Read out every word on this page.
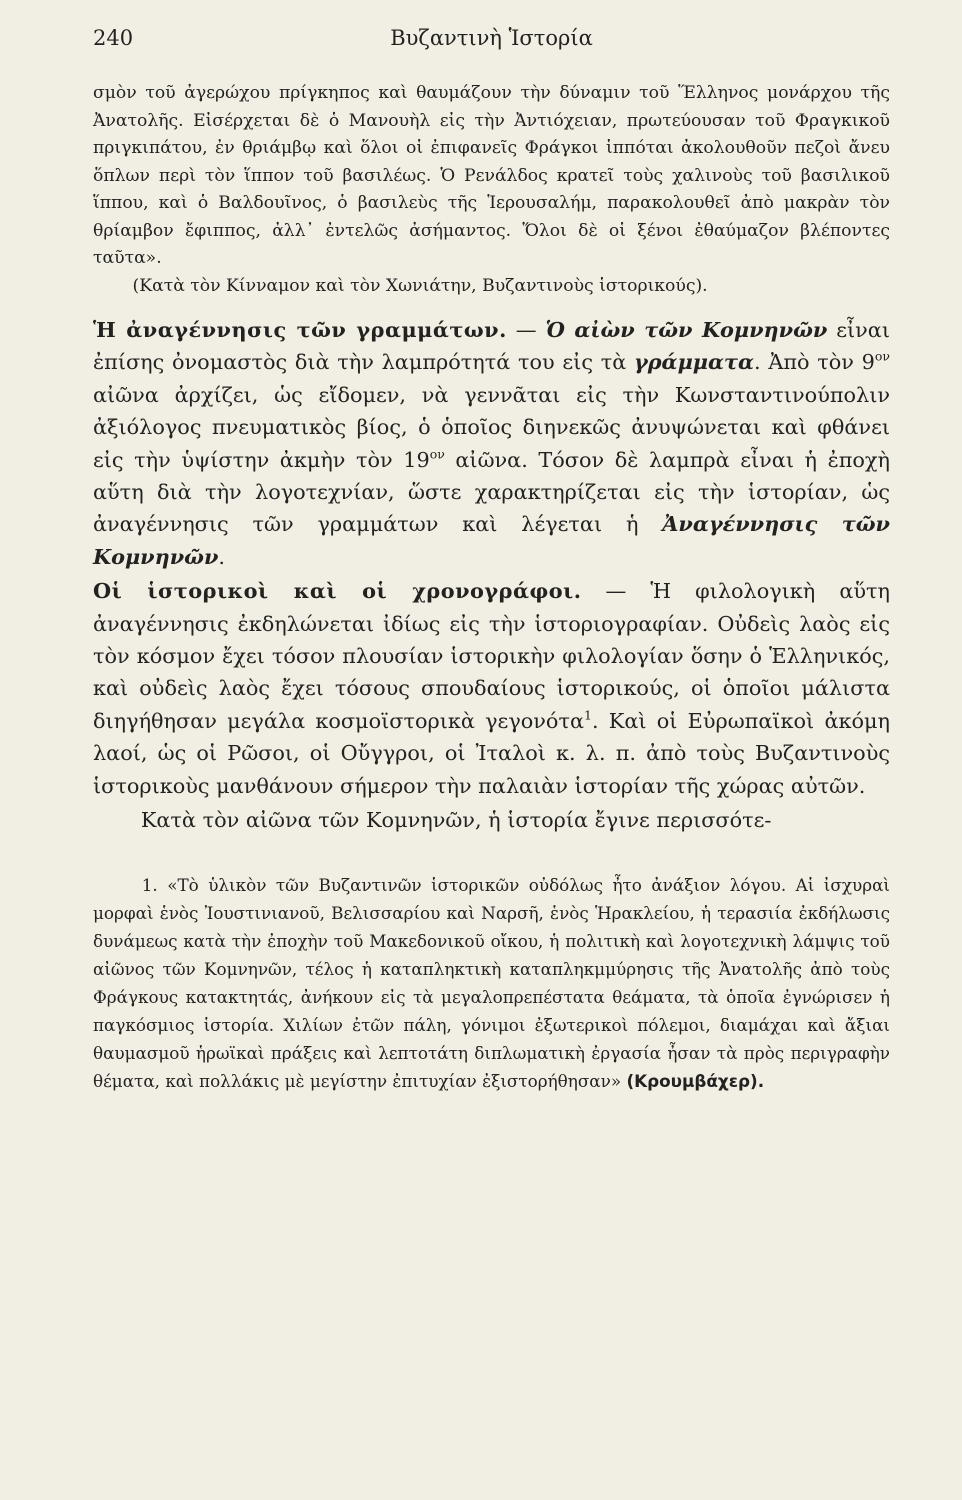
240	Βυζαντινὴ Ἱστορία

σμὸν τοῦ ἀγερώχου πρίγκηπος καὶ θαυμάζουν τὴν δύναμιν τοῦ Ἕλληνος μονάρχου τῆς Ἀνατολῆς. Εἰσέρχεται δὲ ὁ Μανουὴλ εἰς τὴν Ἀντιόχειαν, πρωτεύουσαν τοῦ Φραγκικοῦ πριγκιπάτου, ἐν θριάμβῳ καὶ ὅλοι οἱ ἐπιφανεῖς Φράγκοι ἱππόται ἀκολουθοῦν πεζοὶ ἄνευ ὅπλων περὶ τὸν ἵππον τοῦ βασιλέως. Ὁ Ρενάλδος κρατεῖ τοὺς χαλινοὺς τοῦ βασιλικοῦ ἵππου, καὶ ὁ Βαλδουῖνος, ὁ βασιλεὺς τῆς Ἱερουσαλήμ, παρακολουθεῖ ἀπὸ μακρὰν τὸν θρίαμβον ἔφιππος, ἀλλ᾽ ἐντελῶς ἀσήμαντος. Ὅλοι δὲ οἱ ξένοι ἐθαύμαζον βλέποντες ταῦτα».

(Κατὰ τὸν Κίνναμον καὶ τὸν Χωνιάτην, Βυζαντινοὺς ἱστορικούς).

Ἡ ἀναγέννησις τῶν γραμμάτων. — Ὁ αἰὼν τῶν Κομνηνῶν εἶναι ἐπίσης ὀνομαστὸς διὰ τὴν λαμπρότητά του εἰς τὰ γράμματα. Ἀπὸ τὸν $9^{o\nu}$ αἰῶνα ἀρχίζει, ὡς εἴδομεν, νὰ γεννᾶται εἰς τὴν Κωνσταντινούπολιν ἀξιόλογος πνευματικὸς βίος, ὁ ὁποῖος διηνεκῶς ἀνυψώνεται καὶ φθάνει εἰς τὴν ὑψίστην ἀκμὴν τὸν $19^{o\nu}$ αἰῶνα. Τόσον δὲ λαμπρὰ εἶναι ἡ ἐποχὴ αὕτη διὰ τὴν λογοτεχνίαν, ὥστε χαρακτηρίζεται εἰς τὴν ἱστορίαν, ὡς ἀναγέννησις τῶν γραμμάτων καὶ λέγεται ἡ Ἀναγέννησις τῶν Κομνηνῶν.

Οἱ ἱστορικοὶ καὶ οἱ χρονογράφοι. — Ἡ φιλολογικὴ αὕτη ἀναγέννησις ἐκδηλώνεται ἰδίως εἰς τὴν ἱστοριογραφίαν. Οὐδεὶς λαὸς εἰς τὸν κόσμον ἔχει τόσον πλουσίαν ἱστορικὴν φιλολογίαν ὅσην ὁ Ἑλληνικός, καὶ οὐδεὶς λαὸς ἔχει τόσους σπουδαίους ἱστορικούς, οἱ ὁποῖοι μάλιστα διηγήθησαν μεγάλα κοσμοϊστορικὰ γεγονότα$^1$. Καὶ οἱ Εὐρωπαϊκοὶ ἀκόμη λαοί, ὡς οἱ Ρῶσοι, οἱ Οὔγγροι, οἱ Ἰταλοὶ κ. λ. π. ἀπὸ τοὺς Βυζαντινοὺς ἱστορικοὺς μανθάνουν σήμερον τὴν παλαιὰν ἱστορίαν τῆς χώρας αὐτῶν.

Κατὰ τὸν αἰῶνα τῶν Κομνηνῶν, ἡ ἱστορία ἔγινε περισσότε-

1. «Τὸ ὑλικὸν τῶν Βυζαντινῶν ἱστορικῶν οὐδόλως ἦτο ἀνάξιον λόγου. Αἱ ἰσχυραὶ μορφαὶ ἑνὸς Ἰουστινιανοῦ, Βελισσαρίου καὶ Ναρσῆ, ἑνὸς Ἡρακλείου, ἡ τερασιία ἐκδήλωσις δυνάμεως κατὰ τὴν ἐποχὴν τοῦ Μακεδονικοῦ οἴκου, ἡ πολιτικὴ καὶ λογοτεχνικὴ λάμψις τοῦ αἰῶνος τῶν Κομνηνῶν, τέλος ἡ καταπληκτικὴ καταπληκμμύρησις τῆς Ἀνατολῆς ἀπὸ τοὺς Φράγκους κατακτητάς, ἀνήκουν εἰς τὰ μεγαλοπρεπέστατα θεάματα, τὰ ὁποῖα ἐγνώρισεν ἡ παγκόσμιος ἱστορία. Χιλίων ἐτῶν πάλη, γόνιμοι ἐξωτερικοὶ πόλεμοι, διαμάχαι καὶ ἄξιαι θαυμασμοῦ ἡρωϊκαὶ πράξεις καὶ λεπτοτάτη διπλωματικὴ ἐργασία ἦσαν τὰ πρὸς περιγραφὴν θέματα, καὶ πολλάκις μὲ μεγίστην ἐπιτυχίαν ἐξιστορήθησαν» (Κρουμβάχερ).
